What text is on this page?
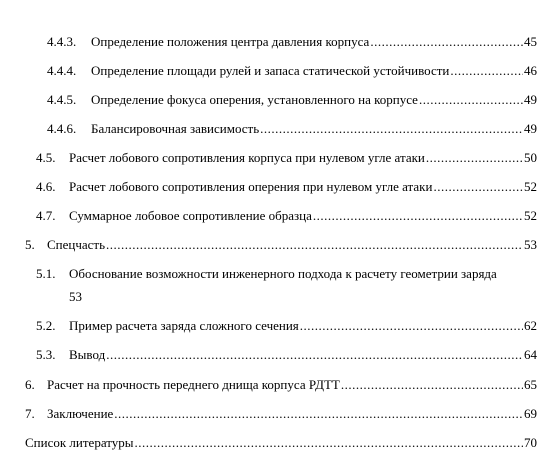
4.4.3. Определение положения центра давления корпуса .....	45
4.4.4. Определение площади рулей и запаса статической устойчивости .....	46
4.4.5. Определение фокуса оперения, установленного на корпусе .....	49
4.4.6. Балансировочная зависимость .....	49
4.5. Расчет лобового сопротивления корпуса при нулевом угле атаки .....	50
4.6. Расчет лобового сопротивления оперения при нулевом угле атаки .....	52
4.7. Суммарное лобовое сопротивление образца .....	52
5. Спецчасть .....	53
5.1. Обоснование возможности инженерного подхода к расчету геометрии заряда
53
5.2. Пример расчета заряда сложного сечения .....	62
5.3. Вывод .....	64
6. Расчет на прочность переднего днища корпуса РДТТ .....	65
7. Заключение .....	69
Список литературы .....	70
